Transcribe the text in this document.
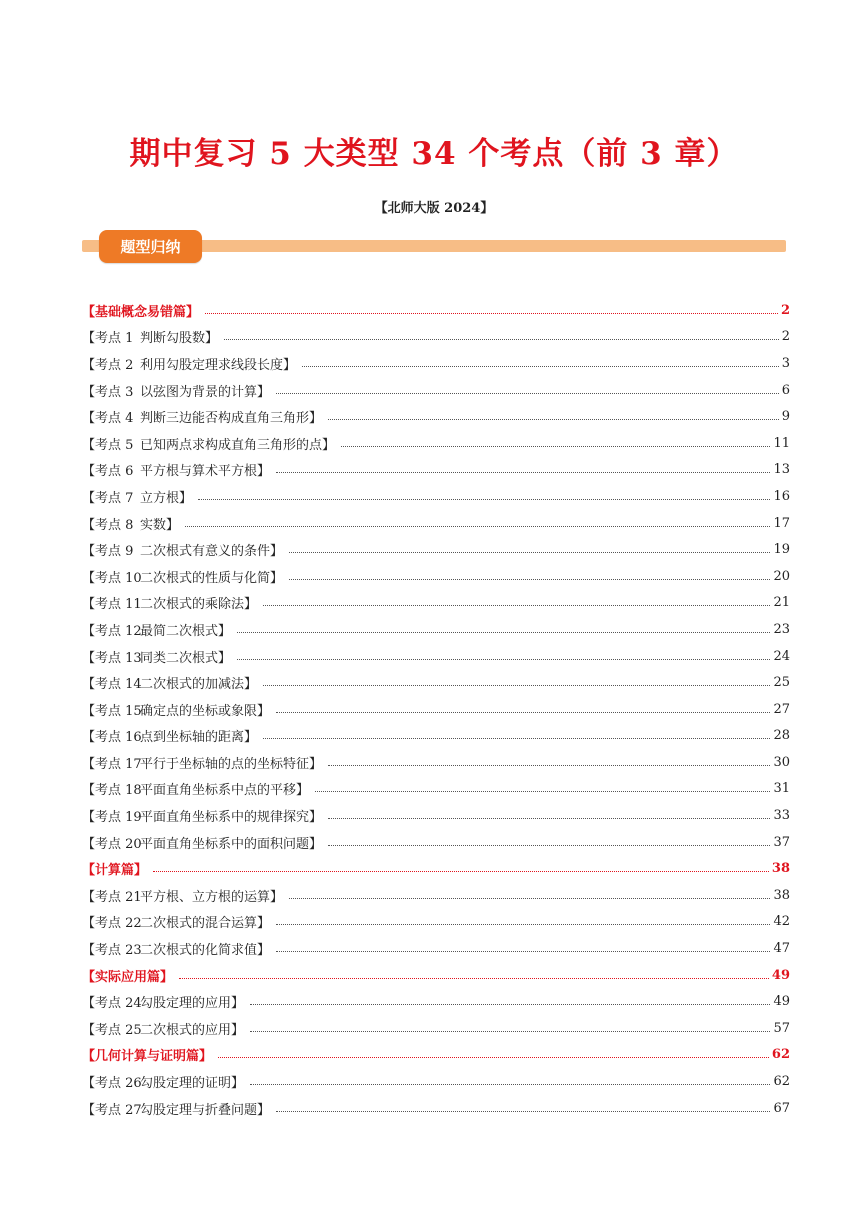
期中复习 5 大类型 34 个考点（前 3 章）
【北师大版 2024】
题型归纳
【基础概念易错篇】	2
【考点 1 判断勾股数】	2
【考点 2 利用勾股定理求线段长度】	3
【考点 3 以弦图为背景的计算】	6
【考点 4 判断三边能否构成直角三角形】	9
【考点 5 已知两点求构成直角三角形的点】	11
【考点 6 平方根与算术平方根】	13
【考点 7 立方根】	16
【考点 8 实数】	17
【考点 9 二次根式有意义的条件】	19
【考点 10二次根式的性质与化简】	20
【考点 11二次根式的乘除法】	21
【考点 12最简二次根式】	23
【考点 13同类二次根式】	24
【考点 14二次根式的加减法】	25
【考点 15确定点的坐标或象限】	27
【考点 16点到坐标轴的距离】	28
【考点 17平行于坐标轴的点的坐标特征】	30
【考点 18平面直角坐标系中点的平移】	31
【考点 19平面直角坐标系中的规律探究】	33
【考点 20平面直角坐标系中的面积问题】	37
【计算篇】	38
【考点 21平方根、立方根的运算】	38
【考点 22二次根式的混合运算】	42
【考点 23二次根式的化简求值】	47
【实际应用篇】	49
【考点 24勾股定理的应用】	49
【考点 25二次根式的应用】	57
【几何计算与证明篇】	62
【考点 26勾股定理的证明】	62
【考点 27勾股定理与折叠问题】	67
